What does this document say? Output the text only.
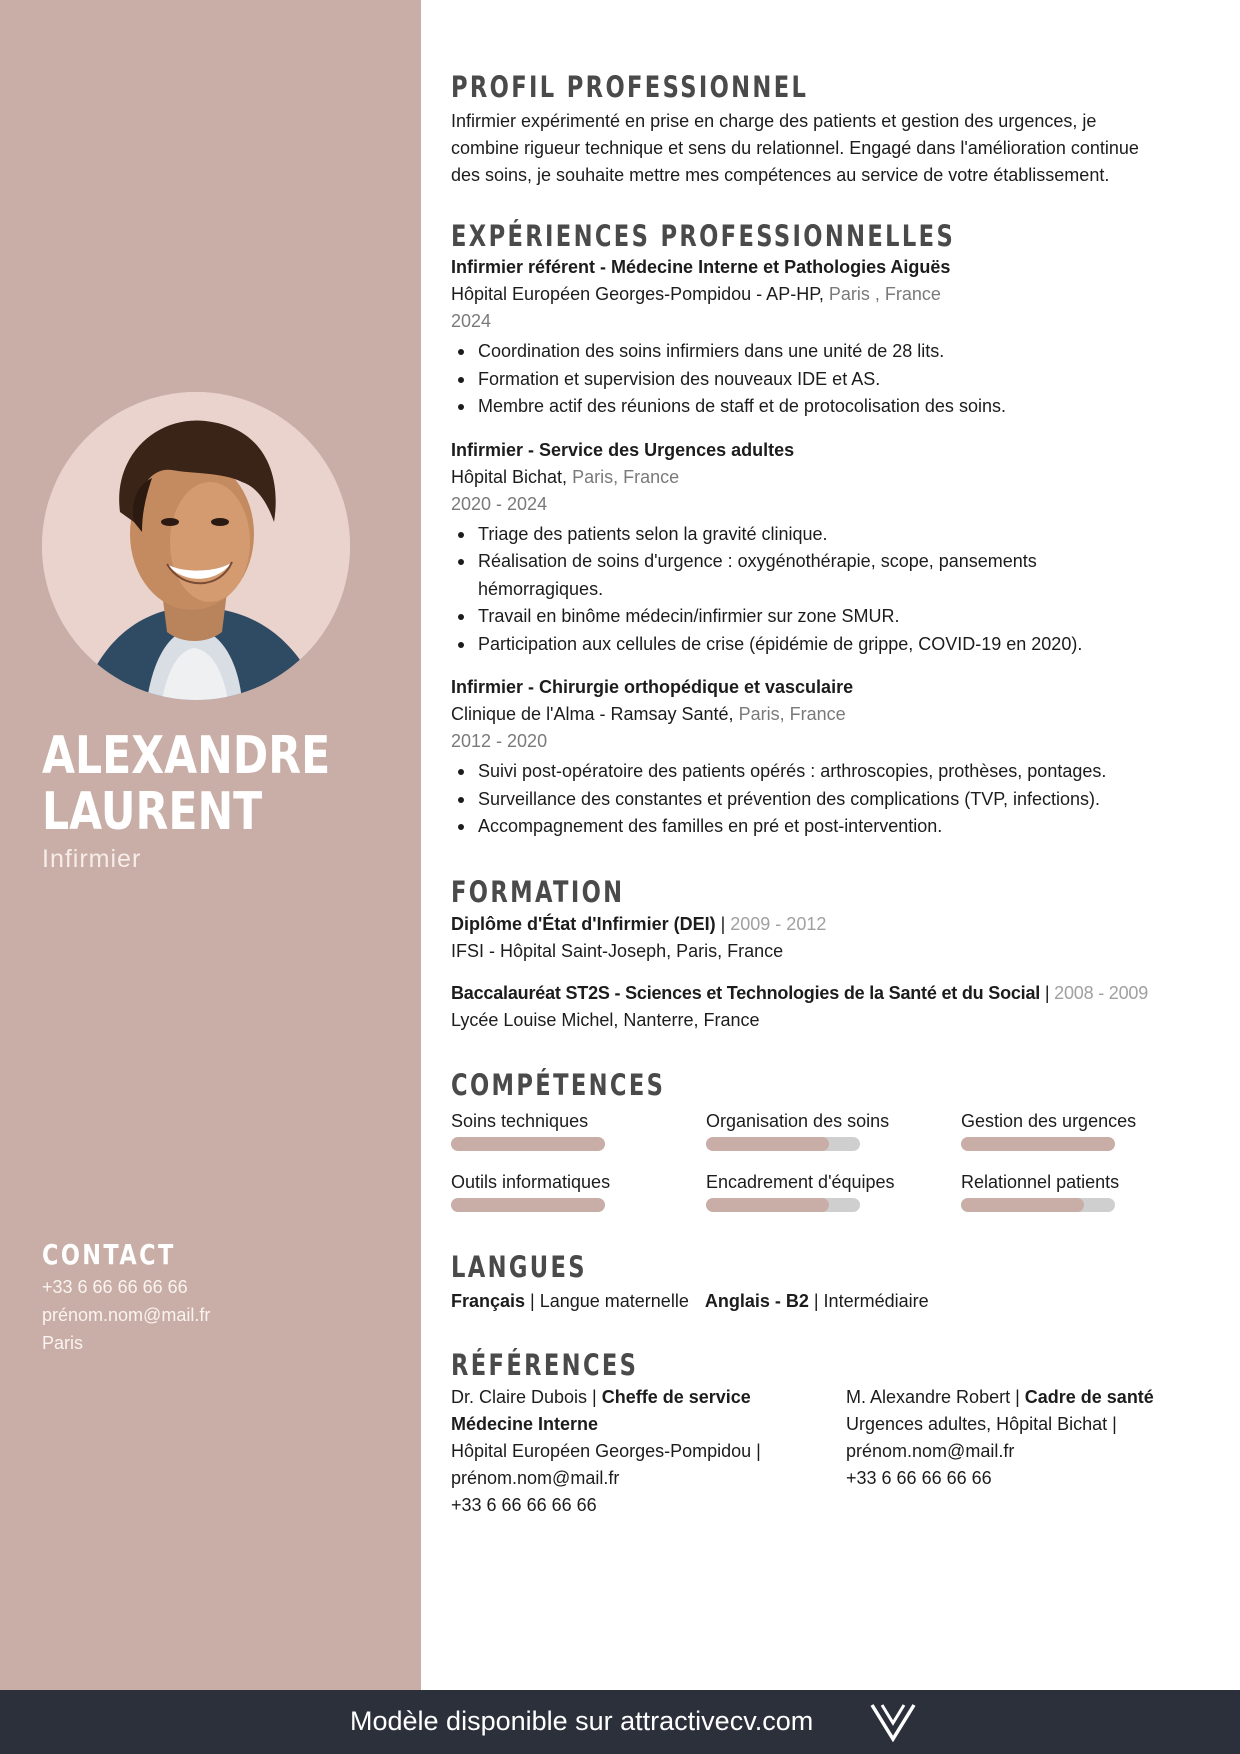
ALEXANDRE
LAURENT
Infirmier
CONTACT
+33 6 66 66 66 66
prénom.nom@mail.fr
Paris
PROFIL PROFESSIONNEL
Infirmier expérimenté en prise en charge des patients et gestion des urgences, je
combine rigueur technique et sens du relationnel. Engagé dans l'amélioration continue
des soins, je souhaite mettre mes compétences au service de votre établissement.
EXPÉRIENCES PROFESSIONNELLES
Infirmier référent - Médecine Interne et Pathologies Aiguës
Hôpital Européen Georges-Pompidou - AP-HP, Paris , France
2024
Coordination des soins infirmiers dans une unité de 28 lits.
Formation et supervision des nouveaux IDE et AS.
Membre actif des réunions de staff et de protocolisation des soins.
Infirmier - Service des Urgences adultes
Hôpital Bichat, Paris, France
2020 - 2024
Triage des patients selon la gravité clinique.
Réalisation de soins d'urgence : oxygénothérapie, scope, pansements hémorragiques.
Travail en binôme médecin/infirmier sur zone SMUR.
Participation aux cellules de crise (épidémie de grippe, COVID-19 en 2020).
Infirmier - Chirurgie orthopédique et vasculaire
Clinique de l'Alma - Ramsay Santé, Paris, France
2012 - 2020
Suivi post-opératoire des patients opérés : arthroscopies, prothèses, pontages.
Surveillance des constantes et prévention des complications (TVP, infections).
Accompagnement des familles en pré et post-intervention.
FORMATION
Diplôme d'État d'Infirmier (DEI) | 2009 - 2012
IFSI - Hôpital Saint-Joseph, Paris, France
Baccalauréat ST2S - Sciences et Technologies de la Santé et du Social | 2008 - 2009
Lycée Louise Michel, Nanterre, France
COMPÉTENCES
Soins techniques	Organisation des soins	Gestion des urgences
Outils informatiques	Encadrement d'équipes	Relationnel patients
LANGUES
Français | Langue maternelle Anglais - B2 | Intermédiaire
RÉFÉRENCES
Dr. Claire Dubois | Cheffe de service Médecine Interne
Hôpital Européen Georges-Pompidou |
prénom.nom@mail.fr
+33 6 66 66 66 66
M. Alexandre Robert | Cadre de santé
Urgences adultes, Hôpital Bichat |
prénom.nom@mail.fr
+33 6 66 66 66 66
Modèle disponible sur attractivecv.com
